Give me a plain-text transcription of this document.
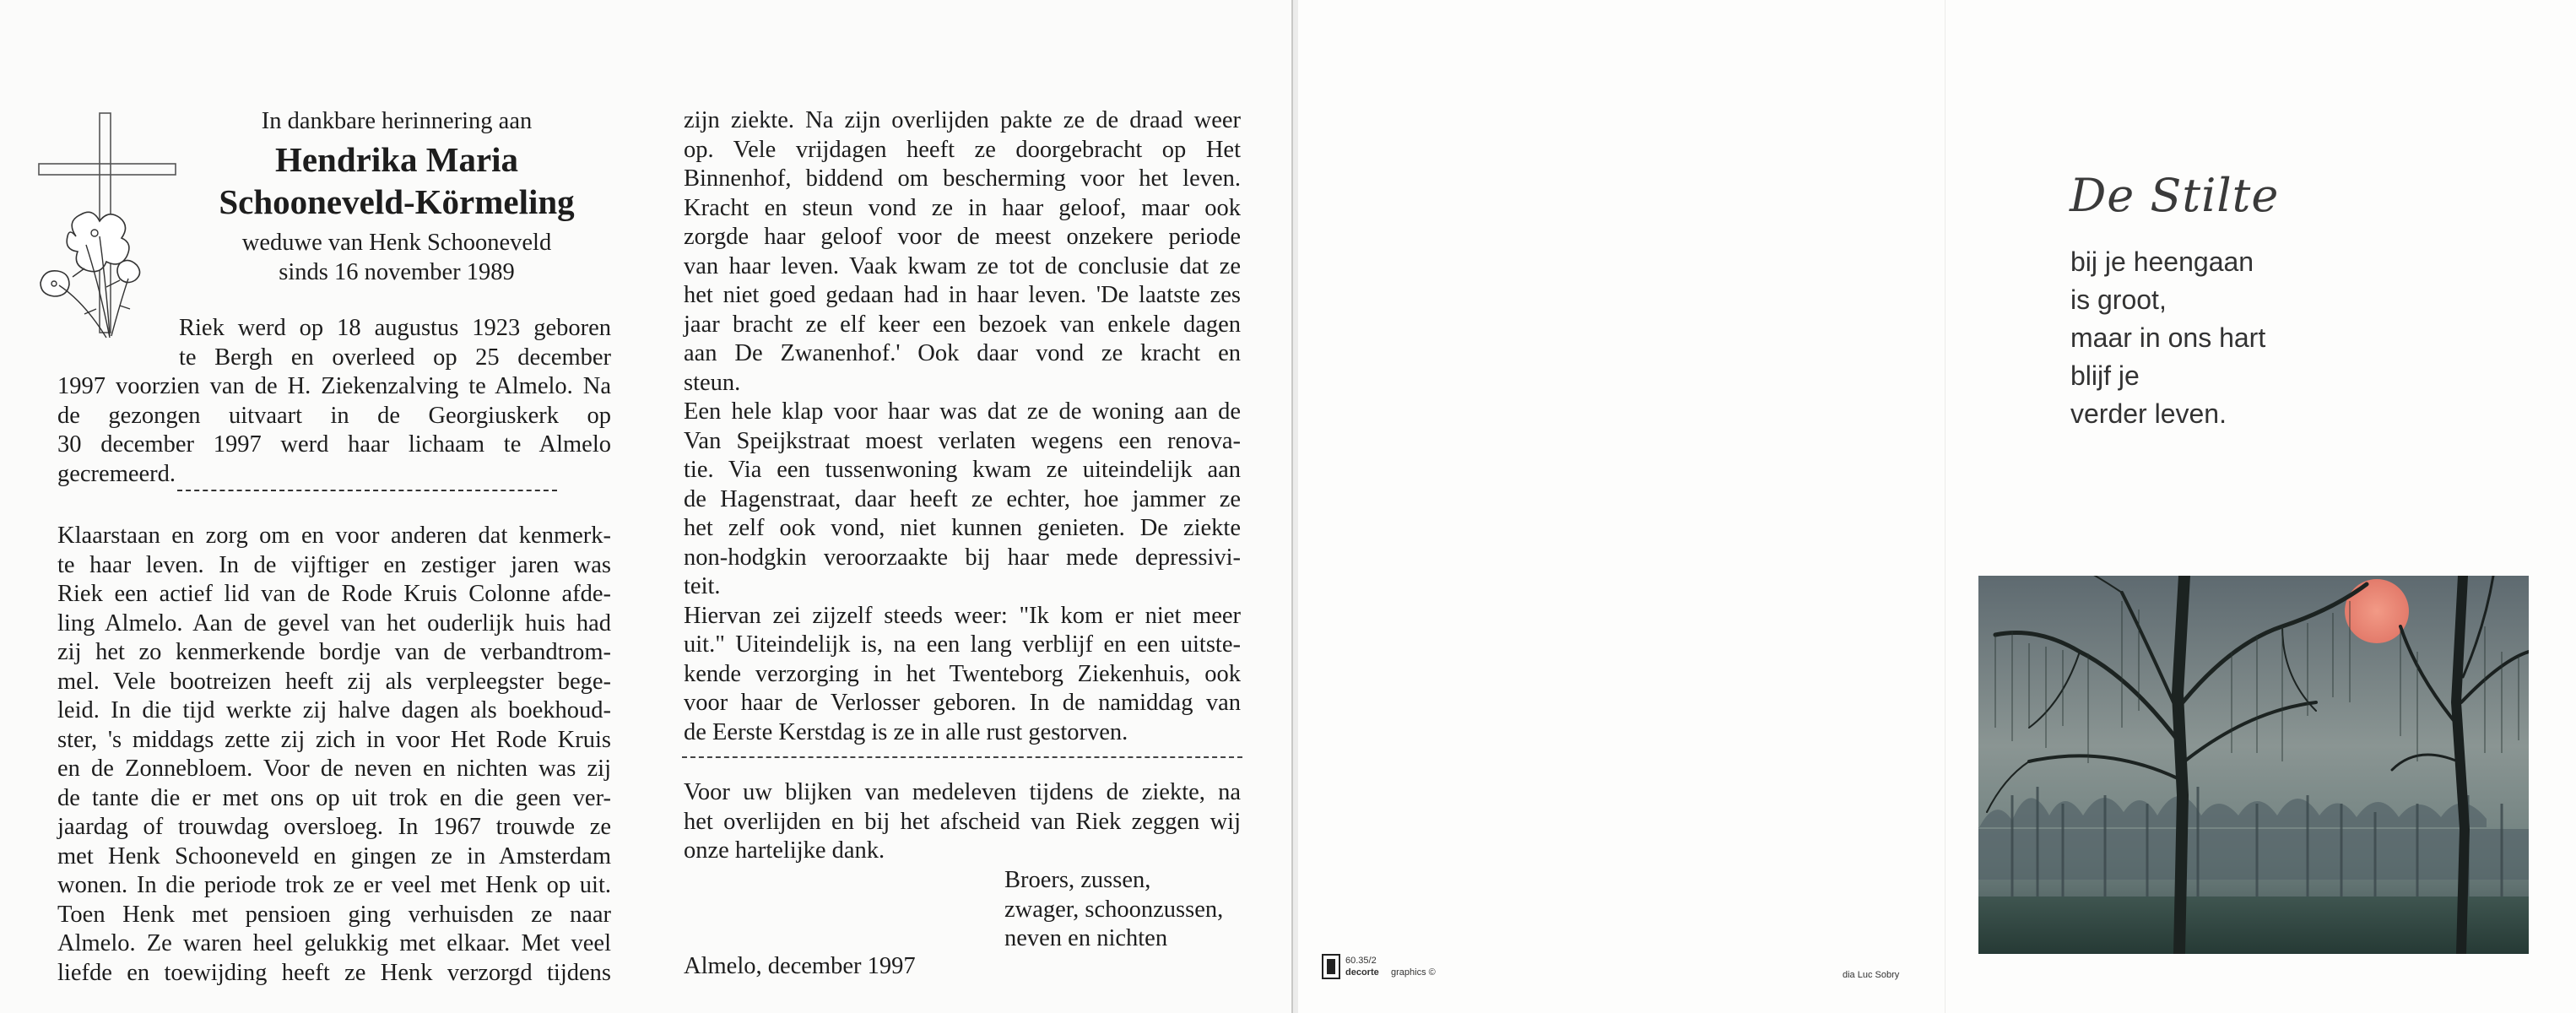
In dankbare herinnering aan
Hendrika Maria
Schooneveld-Körmeling
weduwe van Henk Schooneveld
sinds 16 november 1989
Riek werd op 18 augustus 1923 geboren
te Bergh en overleed op 25 december
1997 voorzien van de H. Ziekenzalving te Almelo. Na
de gezongen uitvaart in de Georgiuskerk op
30 december 1997 werd haar lichaam te Almelo
gecremeerd.
Klaarstaan en zorg om en voor anderen dat kenmerk-
te haar leven. In de vijftiger en zestiger jaren was
Riek een actief lid van de Rode Kruis Colonne afde-
ling Almelo. Aan de gevel van het ouderlijk huis had
zij het zo kenmerkende bordje van de verbandtrom-
mel. Vele bootreizen heeft zij als verpleegster bege-
leid. In die tijd werkte zij halve dagen als boekhoud-
ster, 's middags zette zij zich in voor Het Rode Kruis
en de Zonnebloem. Voor de neven en nichten was zij
de tante die er met ons op uit trok en die geen ver-
jaardag of trouwdag oversloeg. In 1967 trouwde ze
met Henk Schooneveld en gingen ze in Amsterdam
wonen. In die periode trok ze er veel met Henk op uit.
Toen Henk met pensioen ging verhuisden ze naar
Almelo. Ze waren heel gelukkig met elkaar. Met veel
liefde en toewijding heeft ze Henk verzorgd tijdens
zijn ziekte. Na zijn overlijden pakte ze de draad weer
op. Vele vrijdagen heeft ze doorgebracht op Het
Binnenhof, biddend om bescherming voor het leven.
Kracht en steun vond ze in haar geloof, maar ook
zorgde haar geloof voor de meest onzekere periode
van haar leven. Vaak kwam ze tot de conclusie dat ze
het niet goed gedaan had in haar leven. 'De laatste zes
jaar bracht ze elf keer een bezoek van enkele dagen
aan De Zwanenhof.' Ook daar vond ze kracht en
steun.
Een hele klap voor haar was dat ze de woning aan de
Van Speijkstraat moest verlaten wegens een renova-
tie. Via een tussenwoning kwam ze uiteindelijk aan
de Hagenstraat, daar heeft ze echter, hoe jammer ze
het zelf ook vond, niet kunnen genieten. De ziekte
non-hodgkin veroorzaakte bij haar mede depressivi-
teit.
Hiervan zei zijzelf steeds weer: "Ik kom er niet meer
uit." Uiteindelijk is, na een lang verblijf en een uitste-
kende verzorging in het Twenteborg Ziekenhuis, ook
voor haar de Verlosser geboren. In de namiddag van
de Eerste Kerstdag is ze in alle rust gestorven.
Voor uw blijken van medeleven tijdens de ziekte, na
het overlijden en bij het afscheid van Riek zeggen wij
onze hartelijke dank.
Broers, zussen,
zwager, schoonzussen,
neven en nichten
Almelo, december 1997
De Stilte
bij je heengaan
is groot,
maar in ons hart
blijf je
verder leven.
60.35/2
decorte graphics ©	dia Luc Sobry
